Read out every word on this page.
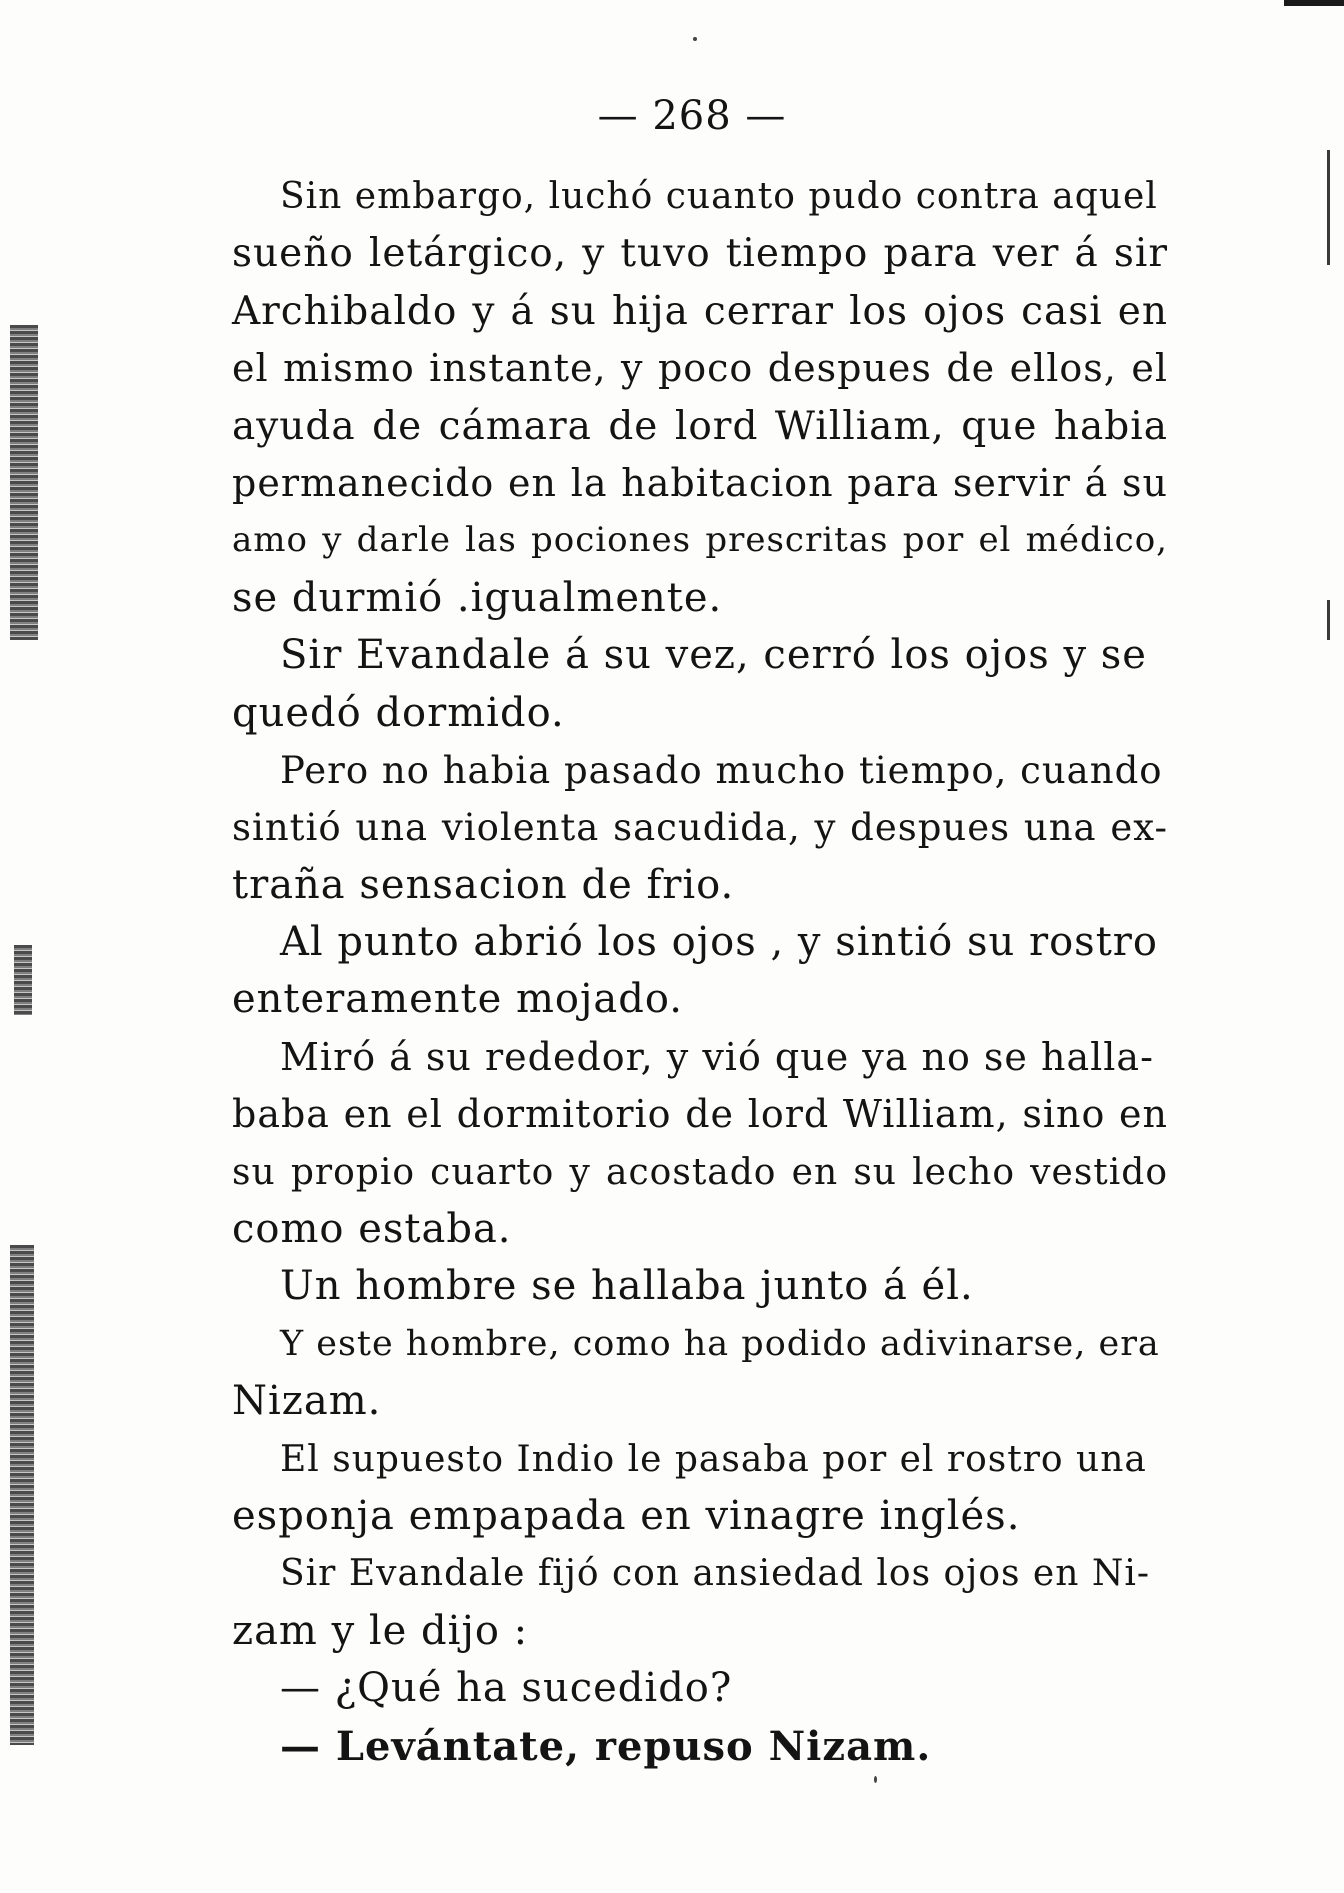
— 268 —
Sin embargo, luchó cuanto pudo contra aquel
sueño letárgico, y tuvo tiempo para ver á sir
Archibaldo y á su hija cerrar los ojos casi en
el mismo instante, y poco despues de ellos, el
ayuda de cámara de lord William, que habia
permanecido en la habitacion para servir á su
amo y darle las pociones prescritas por el médico,
se durmió .igualmente.
Sir Evandale á su vez, cerró los ojos y se
quedó dormido.
Pero no habia pasado mucho tiempo, cuando
sintió una violenta sacudida, y despues una ex-
traña sensacion de frio.
Al punto abrió los ojos , y sintió su rostro
enteramente mojado.
Miró á su rededor, y vió que ya no se halla-
baba en el dormitorio de lord William, sino en
su propio cuarto y acostado en su lecho vestido
como estaba.
Un hombre se hallaba junto á él.
Y este hombre, como ha podido adivinarse, era
Nizam.
El supuesto Indio le pasaba por el rostro una
esponja empapada en vinagre inglés.
Sir Evandale fijó con ansiedad los ojos en Ni-
zam y le dijo :
— ¿Qué ha sucedido?
— Levántate, repuso Nizam.
